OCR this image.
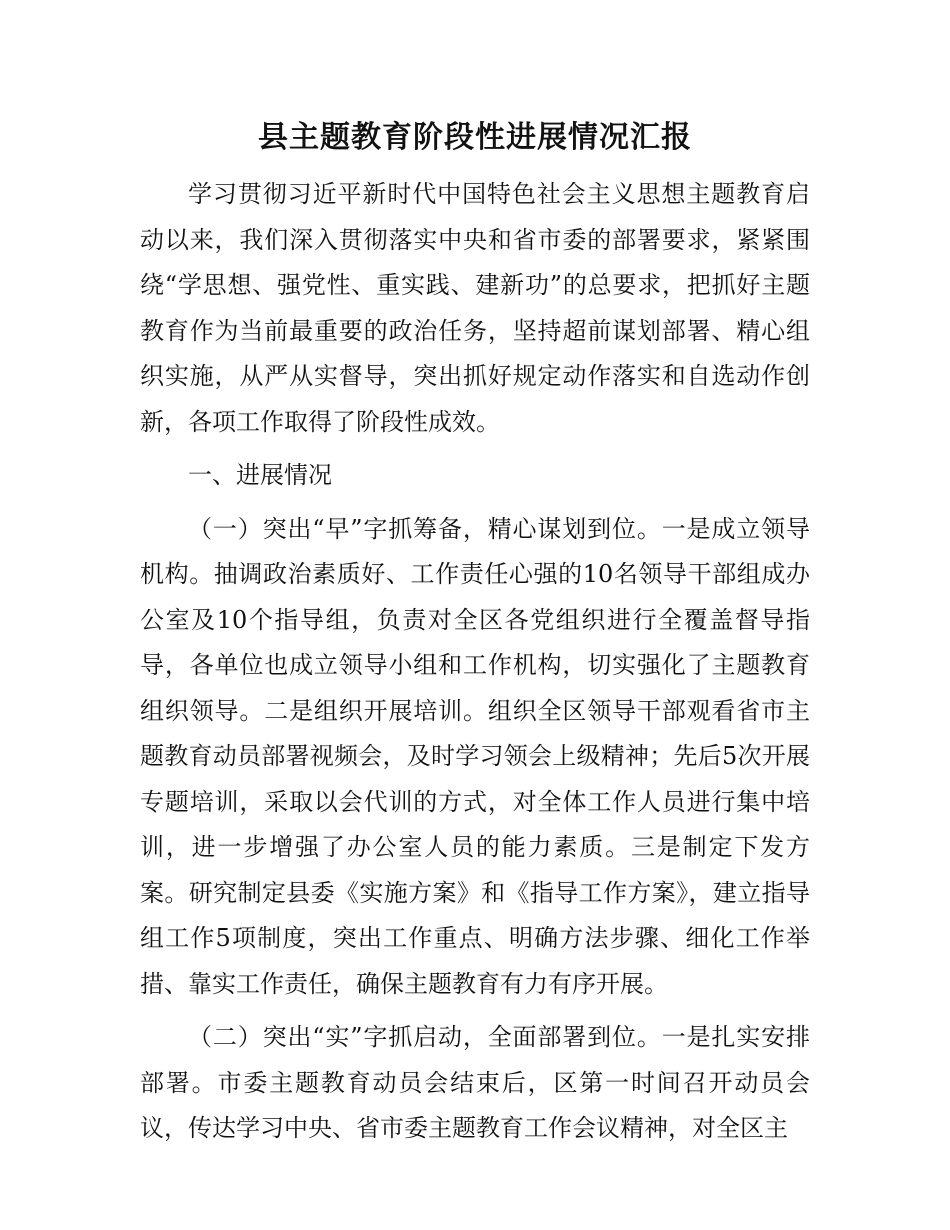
县主题教育阶段性进展情况汇报

学习贯彻习近平新时代中国特色社会主义思想主题教育启动以来，我们深入贯彻落实中央和省市委的部署要求，紧紧围绕“学思想、强党性、重实践、建新功”的总要求，把抓好主题教育作为当前最重要的政治任务，坚持超前谋划部署、精心组织实施，从严从实督导，突出抓好规定动作落实和自选动作创新，各项工作取得了阶段性成效。

一、进展情况

（一）突出“早”字抓筹备，精心谋划到位。一是成立领导机构。抽调政治素质好、工作责任心强的10名领导干部组成办公室及10个指导组，负责对全区各党组织进行全覆盖督导指导，各单位也成立领导小组和工作机构，切实强化了主题教育组织领导。二是组织开展培训。组织全区领导干部观看省市主题教育动员部署视频会，及时学习领会上级精神；先后5次开展专题培训，采取以会代训的方式，对全体工作人员进行集中培训，进一步增强了办公室人员的能力素质。三是制定下发方案。研究制定县委《实施方案》和《指导工作方案》，建立指导组工作5项制度，突出工作重点、明确方法步骤、细化工作举措、靠实工作责任，确保主题教育有力有序开展。

（二）突出“实”字抓启动，全面部署到位。一是扎实安排部署。市委主题教育动员会结束后，区第一时间召开动员会议，传达学习中央、省市委主题教育工作会议精神，对全区主
